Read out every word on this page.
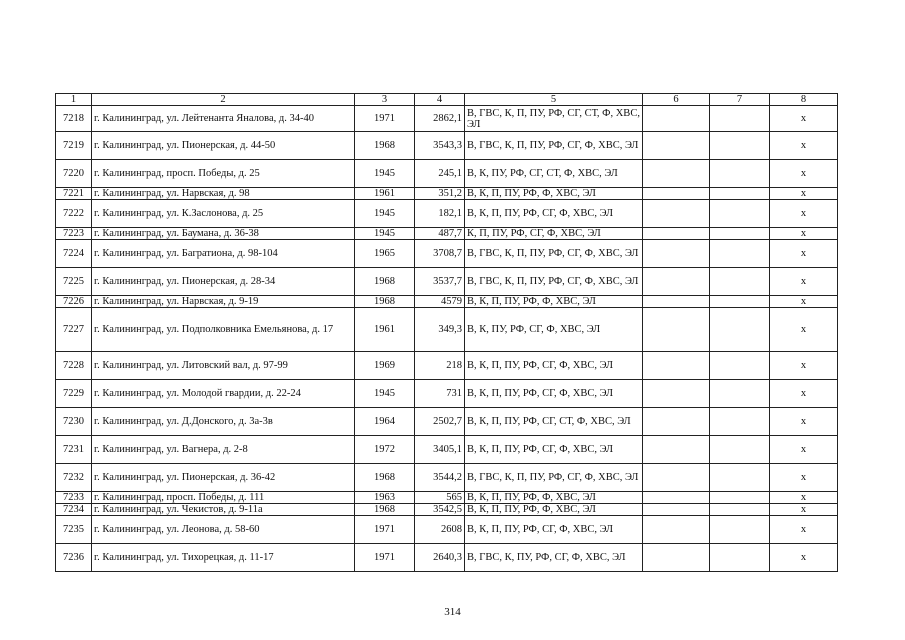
1	2	3	4	5	6	7	8
7218	г. Калининград, ул. Лейтенанта Яналова, д. 34-40	1971	2862,1	В, ГВС, К, П, ПУ, РФ, СГ, СТ, Ф, ХВС, ЭЛ			х
7219	г. Калининград, ул. Пионерская, д. 44-50	1968	3543,3	В, ГВС, К, П, ПУ, РФ, СГ, Ф, ХВС, ЭЛ			х
7220	г. Калининград, просп. Победы, д. 25	1945	245,1	В, К, ПУ, РФ, СГ, СТ, Ф, ХВС, ЭЛ			х
7221	г. Калининград, ул. Нарвская, д. 98	1961	351,2	В, К, П, ПУ, РФ, Ф, ХВС, ЭЛ			х
7222	г. Калининград, ул. К.Заслонова, д. 25	1945	182,1	В, К, П, ПУ, РФ, СГ, Ф, ХВС, ЭЛ			х
7223	г. Калининград, ул. Баумана, д. 36-38	1945	487,7	К, П, ПУ, РФ, СГ, Ф, ХВС, ЭЛ			х
7224	г. Калининград, ул. Багратиона, д. 98-104	1965	3708,7	В, ГВС, К, П, ПУ, РФ, СГ, Ф, ХВС, ЭЛ			х
7225	г. Калининград, ул. Пионерская, д. 28-34	1968	3537,7	В, ГВС, К, П, ПУ, РФ, СГ, Ф, ХВС, ЭЛ			х
7226	г. Калининград, ул. Нарвская, д. 9-19	1968	4579	В, К, П, ПУ, РФ, Ф, ХВС, ЭЛ			х
7227	г. Калининград, ул. Подполковника Емельянова, д. 17	1961	349,3	В, К, ПУ, РФ, СГ, Ф, ХВС, ЭЛ			х
7228	г. Калининград, ул. Литовский вал, д. 97-99	1969	218	В, К, П, ПУ, РФ, СГ, Ф, ХВС, ЭЛ			х
7229	г. Калининград, ул. Молодой гвардии, д. 22-24	1945	731	В, К, П, ПУ, РФ, СГ, Ф, ХВС, ЭЛ			х
7230	г. Калининград, ул. Д.Донского, д. 3а-3в	1964	2502,7	В, К, П, ПУ, РФ, СГ, СТ, Ф, ХВС, ЭЛ			х
7231	г. Калининград, ул. Вагнера, д. 2-8	1972	3405,1	В, К, П, ПУ, РФ, СГ, Ф, ХВС, ЭЛ			х
7232	г. Калининград, ул. Пионерская, д. 36-42	1968	3544,2	В, ГВС, К, П, ПУ, РФ, СГ, Ф, ХВС, ЭЛ			х
7233	г. Калининград, просп. Победы, д. 111	1963	565	В, К, П, ПУ, РФ, Ф, ХВС, ЭЛ			х
7234	г. Калининград, ул. Чекистов, д. 9-11а	1968	3542,5	В, К, П, ПУ, РФ, Ф, ХВС, ЭЛ			х
7235	г. Калининград, ул. Леонова, д. 58-60	1971	2608	В, К, П, ПУ, РФ, СГ, Ф, ХВС, ЭЛ			х
7236	г. Калининград, ул. Тихорецкая, д. 11-17	1971	2640,3	В, ГВС, К, ПУ, РФ, СГ, Ф, ХВС, ЭЛ			х
314
